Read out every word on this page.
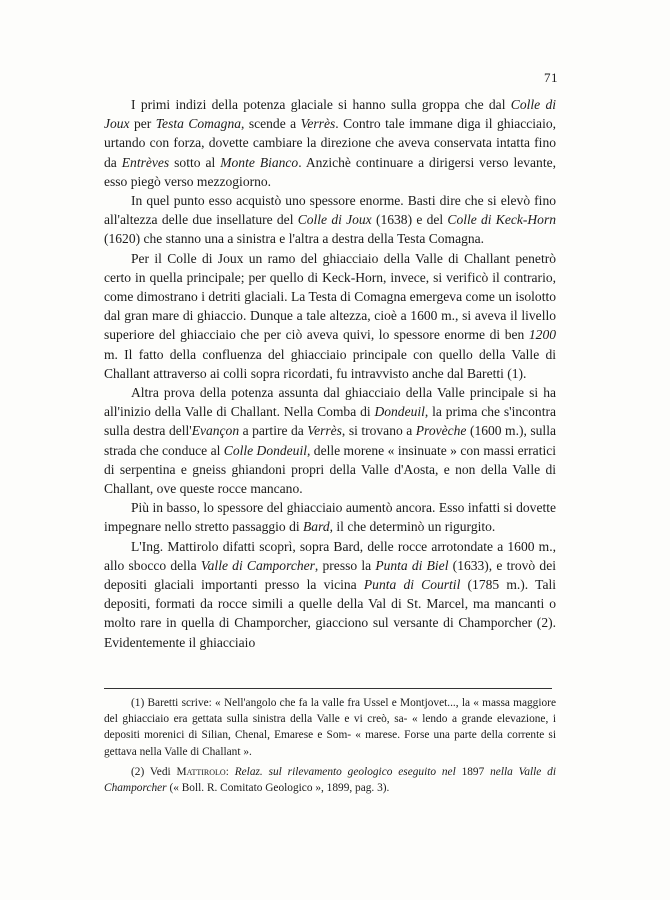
71

I primi indizi della potenza glaciale si hanno sulla groppa che dal Colle di Joux per Testa Comagna, scende a Verrès. Contro tale immane diga il ghiacciaio, urtando con forza, dovette cambiare la direzione che aveva conservata intatta fino da Entrèves sotto al Monte Bianco. Anzichè continuare a dirigersi verso levante, esso piegò verso mezzogiorno.

In quel punto esso acquistò uno spessore enorme. Basti dire che si elevò fino all'altezza delle due insellature del Colle di Joux (1638) e del Colle di Keck-Horn (1620) che stanno una a sinistra e l'altra a destra della Testa Comagna.

Per il Colle di Joux un ramo del ghiacciaio della Valle di Challant penetrò certo in quella principale; per quello di Keck-Horn, invece, si verificò il contrario, come dimostrano i detriti glaciali. La Testa di Comagna emergeva come un isolotto dal gran mare di ghiaccio. Dunque a tale altezza, cioè a 1600 m., si aveva il livello superiore del ghiacciaio che per ciò aveva quivi, lo spessore enorme di ben 1200 m. Il fatto della confluenza del ghiacciaio principale con quello della Valle di Challant attraverso ai colli sopra ricordati, fu intravvisto anche dal Baretti (1).

Altra prova della potenza assunta dal ghiacciaio della Valle principale si ha all'inizio della Valle di Challant. Nella Comba di Dondeuil, la prima che s'incontra sulla destra dell'Evançon a partire da Verrès, si trovano a Provèche (1600 m.), sulla strada che conduce al Colle Dondeuil, delle morene « insinuate » con massi erratici di serpentina e gneiss ghiandoni propri della Valle d'Aosta, e non della Valle di Challant, ove queste rocce mancano.

Più in basso, lo spessore del ghiacciaio aumentò ancora. Esso infatti si dovette impegnare nello stretto passaggio di Bard, il che determinò un rigurgito.

L'Ing. Mattirolo difatti scoprì, sopra Bard, delle rocce arrotondate a 1600 m., allo sbocco della Valle di Camporcher, presso la Punta di Biel (1633), e trovò dei depositi glaciali importanti presso la vicina Punta di Courtil (1785 m.). Tali depositi, formati da rocce simili a quelle della Val di St. Marcel, ma mancanti o molto rare in quella di Champorcher, giacciono sul versante di Champorcher (2). Evidentemente il ghiacciaio

(1) Baretti scrive: « Nell'angolo che fa la valle fra Ussel e Montjovet..., la « massa maggiore del ghiacciaio era gettata sulla sinistra della Valle e vi creò, sa- « lendo a grande elevazione, i depositi morenici di Silian, Chenal, Emarese e Som- « marese. Forse una parte della corrente si gettava nella Valle di Challant ».

(2) Vedi Mattirolo: Relaz. sul rilevamento geologico eseguito nel 1897 nella Valle di Champorcher (« Boll. R. Comitato Geologico », 1899, pag. 3).
